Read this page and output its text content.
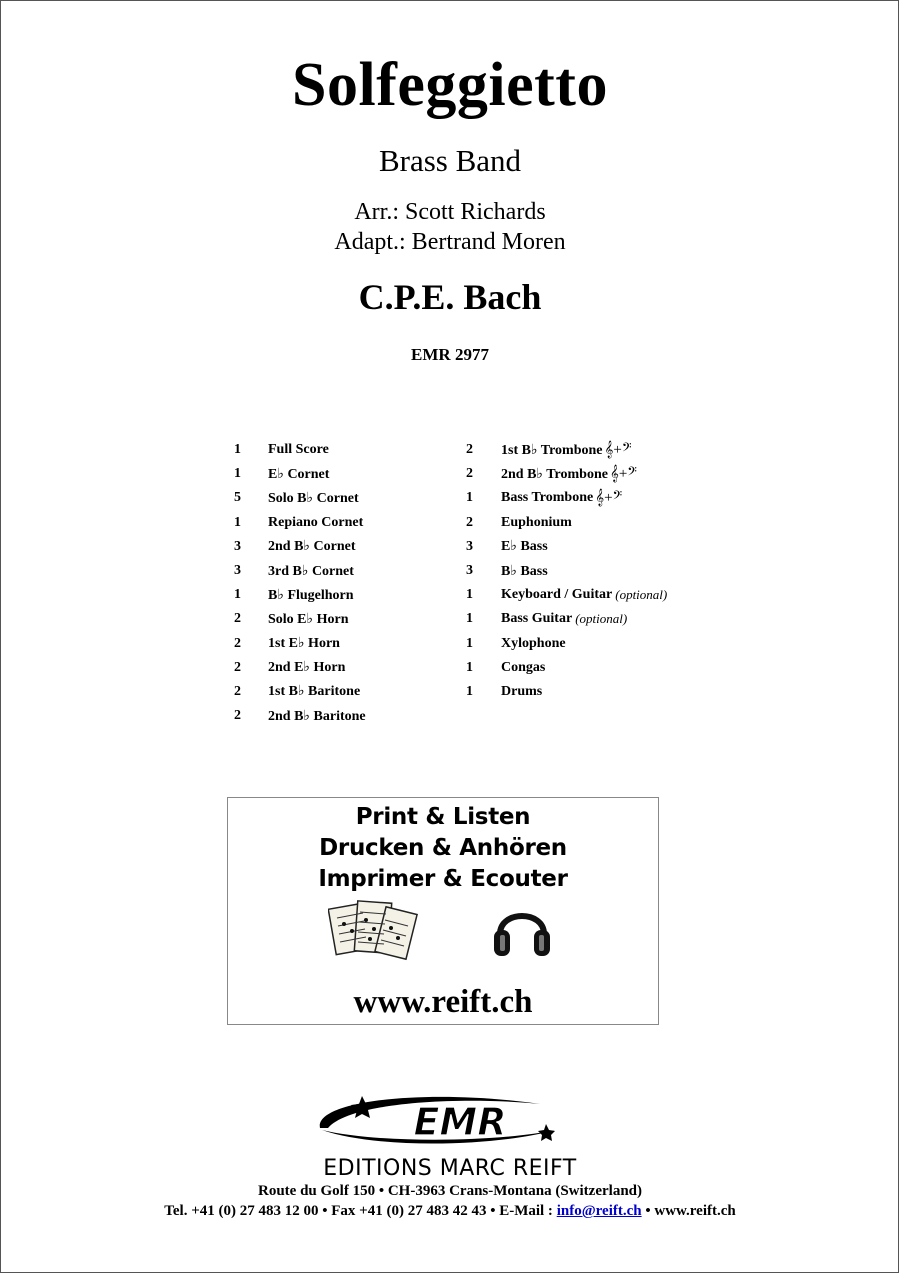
Solfeggietto
Brass Band
Arr.: Scott Richards
Adapt.: Bertrand Moren
C.P.E. Bach
EMR 2977
1	Full Score
1	E♭ Cornet
5	Solo B♭ Cornet
1	Repiano Cornet
3	2nd B♭ Cornet
3	3rd B♭ Cornet
1	B♭ Flugelhorn
2	Solo E♭ Horn
2	1st E♭ Horn
2	2nd E♭ Horn
2	1st B♭ Baritone
2	2nd B♭ Baritone
2	1st B♭ Trombone 𝄞+𝄢
2	2nd B♭ Trombone 𝄞+𝄢
1	Bass Trombone 𝄞+𝄢
2	Euphonium
3	E♭ Bass
3	B♭ Bass
1	Keyboard / Guitar (optional)
1	Bass Guitar (optional)
1	Xylophone
1	Congas
1	Drums
Print & Listen
Drucken & Anhören
Imprimer & Ecouter
www.reift.ch
EMR
EDITIONS MARC REIFT
Route du Golf 150 • CH-3963 Crans-Montana (Switzerland)
Tel. +41 (0) 27 483 12 00 • Fax +41 (0) 27 483 42 43 • E-Mail : info@reift.ch • www.reift.ch
